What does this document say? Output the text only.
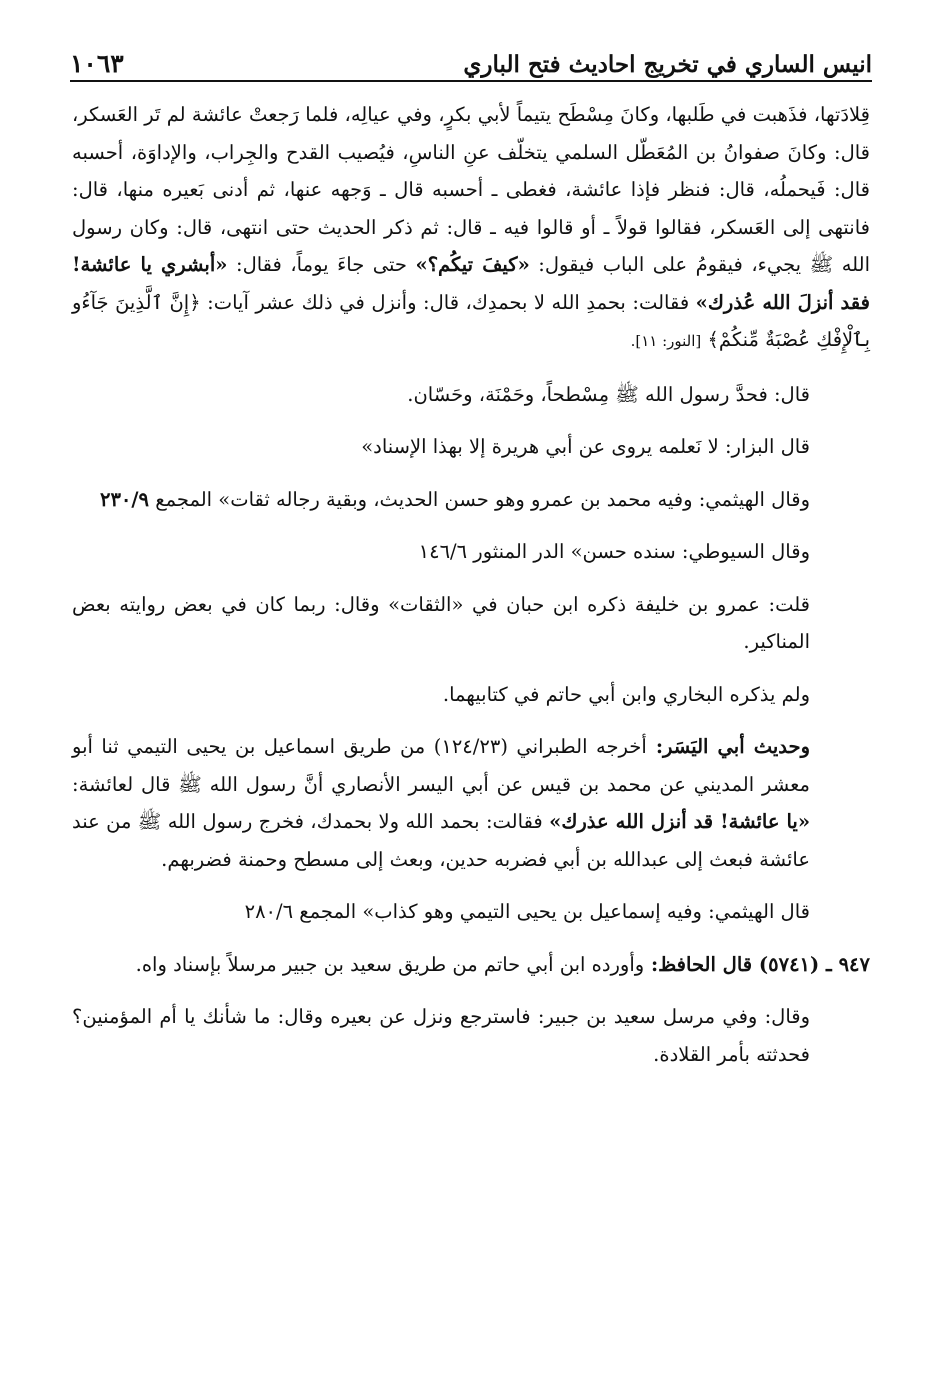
انيس الساري في تخريج احاديث فتح الباري
١٠٦٣

قِلادَتها، فذَهبت في طَلبها، وكانَ مِسْطَح يتيماً لأبي بكرٍ، وفي عيالِه، فلما رَجعتْ عائشة لم تَر العَسكر، قال: وكانَ صفوانُ بن المُعَطّل السلمي يتخلّف عنِ الناسِ، فيُصيب القدح والجِراب، والإداوَة، أحسبه قال: فَيحملُه، قال: فنظر فإذا عائشة، فغطى ـ أحسبه قال ـ وَجهه عنها، ثم أدنى بَعيره منها، قال: فانتهى إلى العَسكر، فقالوا قولاً ـ أو قالوا فيه ـ قال: ثم ذكر الحديث حتى انتهى، قال: وكان رسول الله ﷺ يجيء، فيقومُ على الباب فيقول: «كيفَ تيكُم؟» حتى جاءَ يوماً، فقال: «أبشري يا عائشة! فقد أنزلَ الله عُذرك» فقالت: بحمدِ الله لا بحمدِك، قال: وأنزل في ذلك عشر آيات: ﴿إِنَّ ٱلَّذِينَ جَآءُو بِٱلْإِفْكِ عُصْبَةٌ مِّنكُمْ﴾ [النور: ١١].

قال: فحدَّ رسول الله ﷺ مِسْطحاً، وحَمْنَة، وحَسّان.

قال البزار: لا نَعلمه يروى عن أبي هريرة إلا بهذا الإسناد»

وقال الهيثمي: وفيه محمد بن عمرو وهو حسن الحديث، وبقية رجاله ثقات» المجمع ٢٣٠/٩

وقال السيوطي: سنده حسن» الدر المنثور ١٤٦/٦

قلت: عمرو بن خليفة ذكره ابن حبان في «الثقات» وقال: ربما كان في بعض روايته بعض المناكير.

ولم يذكره البخاري وابن أبي حاتم في كتابيهما.

وحديث أبي اليَسَر: أخرجه الطبراني (١٢٤/٢٣) من طريق اسماعيل بن يحيى التيمي ثنا أبو معشر المديني عن محمد بن قيس عن أبي اليسر الأنصاري أنَّ رسول الله ﷺ قال لعائشة: «يا عائشة! قد أنزل الله عذرك» فقالت: بحمد الله ولا بحمدك، فخرج رسول الله ﷺ من عند عائشة فبعث إلى عبدالله بن أبي فضربه حدين، وبعث إلى مسطح وحمنة فضربهم.

قال الهيثمي: وفيه إسماعيل بن يحيى التيمي وهو كذاب» المجمع ٢٨٠/٦

٩٤٧ ـ (٥٧٤١) قال الحافظ: وأورده ابن أبي حاتم من طريق سعيد بن جبير مرسلاً بإسناد واه.

وقال: وفي مرسل سعيد بن جبير: فاسترجع ونزل عن بعيره وقال: ما شأنك يا أم المؤمنين؟ فحدثته بأمر القلادة.
